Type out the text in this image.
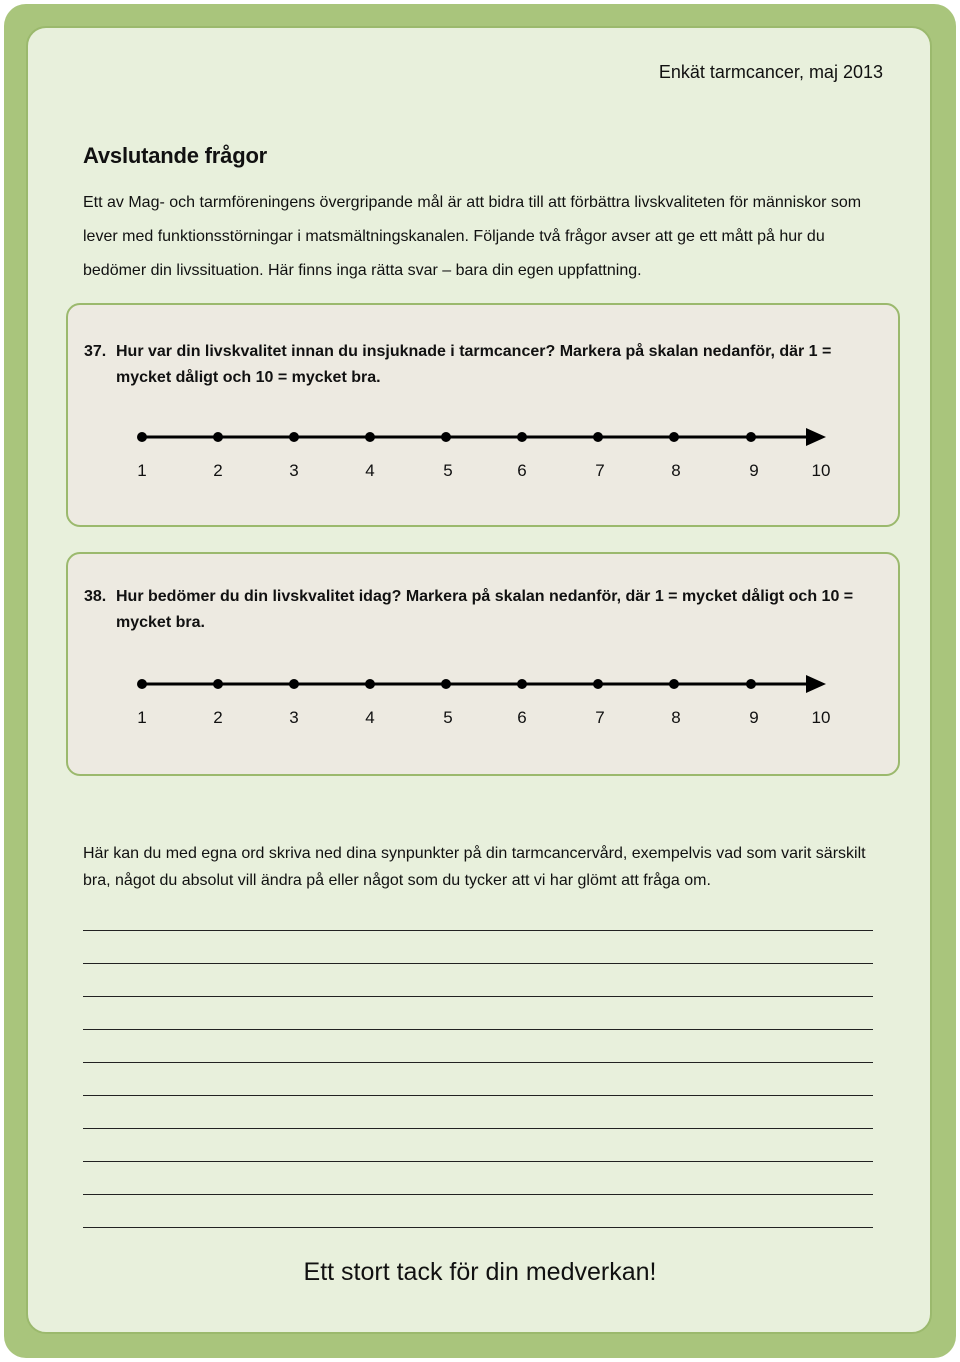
Enkät tarmcancer, maj 2013
Avslutande frågor

Ett av Mag- och tarmföreningens övergripande mål är att bidra till att förbättra livskvaliteten för människor som

lever med funktionsstörningar i matsmältningskanalen. Följande två frågor avser att ge ett mått på hur du

bedömer din livssituation. Här finns inga rätta svar – bara din egen uppfattning.

37. Hur var din livskvalitet innan du insjuknade i tarmcancer? Markera på skalan nedanför, där 1 =
mycket dåligt och 10 = mycket bra.
1	2	3	4	5	6	7	8	9	10
38. Hur bedömer du din livskvalitet idag? Markera på skalan nedanför, där 1 = mycket dåligt och 10 =
mycket bra.
1	2	3	4	5	6	7	8	9	10
Här kan du med egna ord skriva ned dina synpunkter på din tarmcancervård, exempelvis vad som varit särskilt
bra, något du absolut vill ändra på eller något som du tycker att vi har glömt att fråga om.
Ett stort tack för din medverkan!
